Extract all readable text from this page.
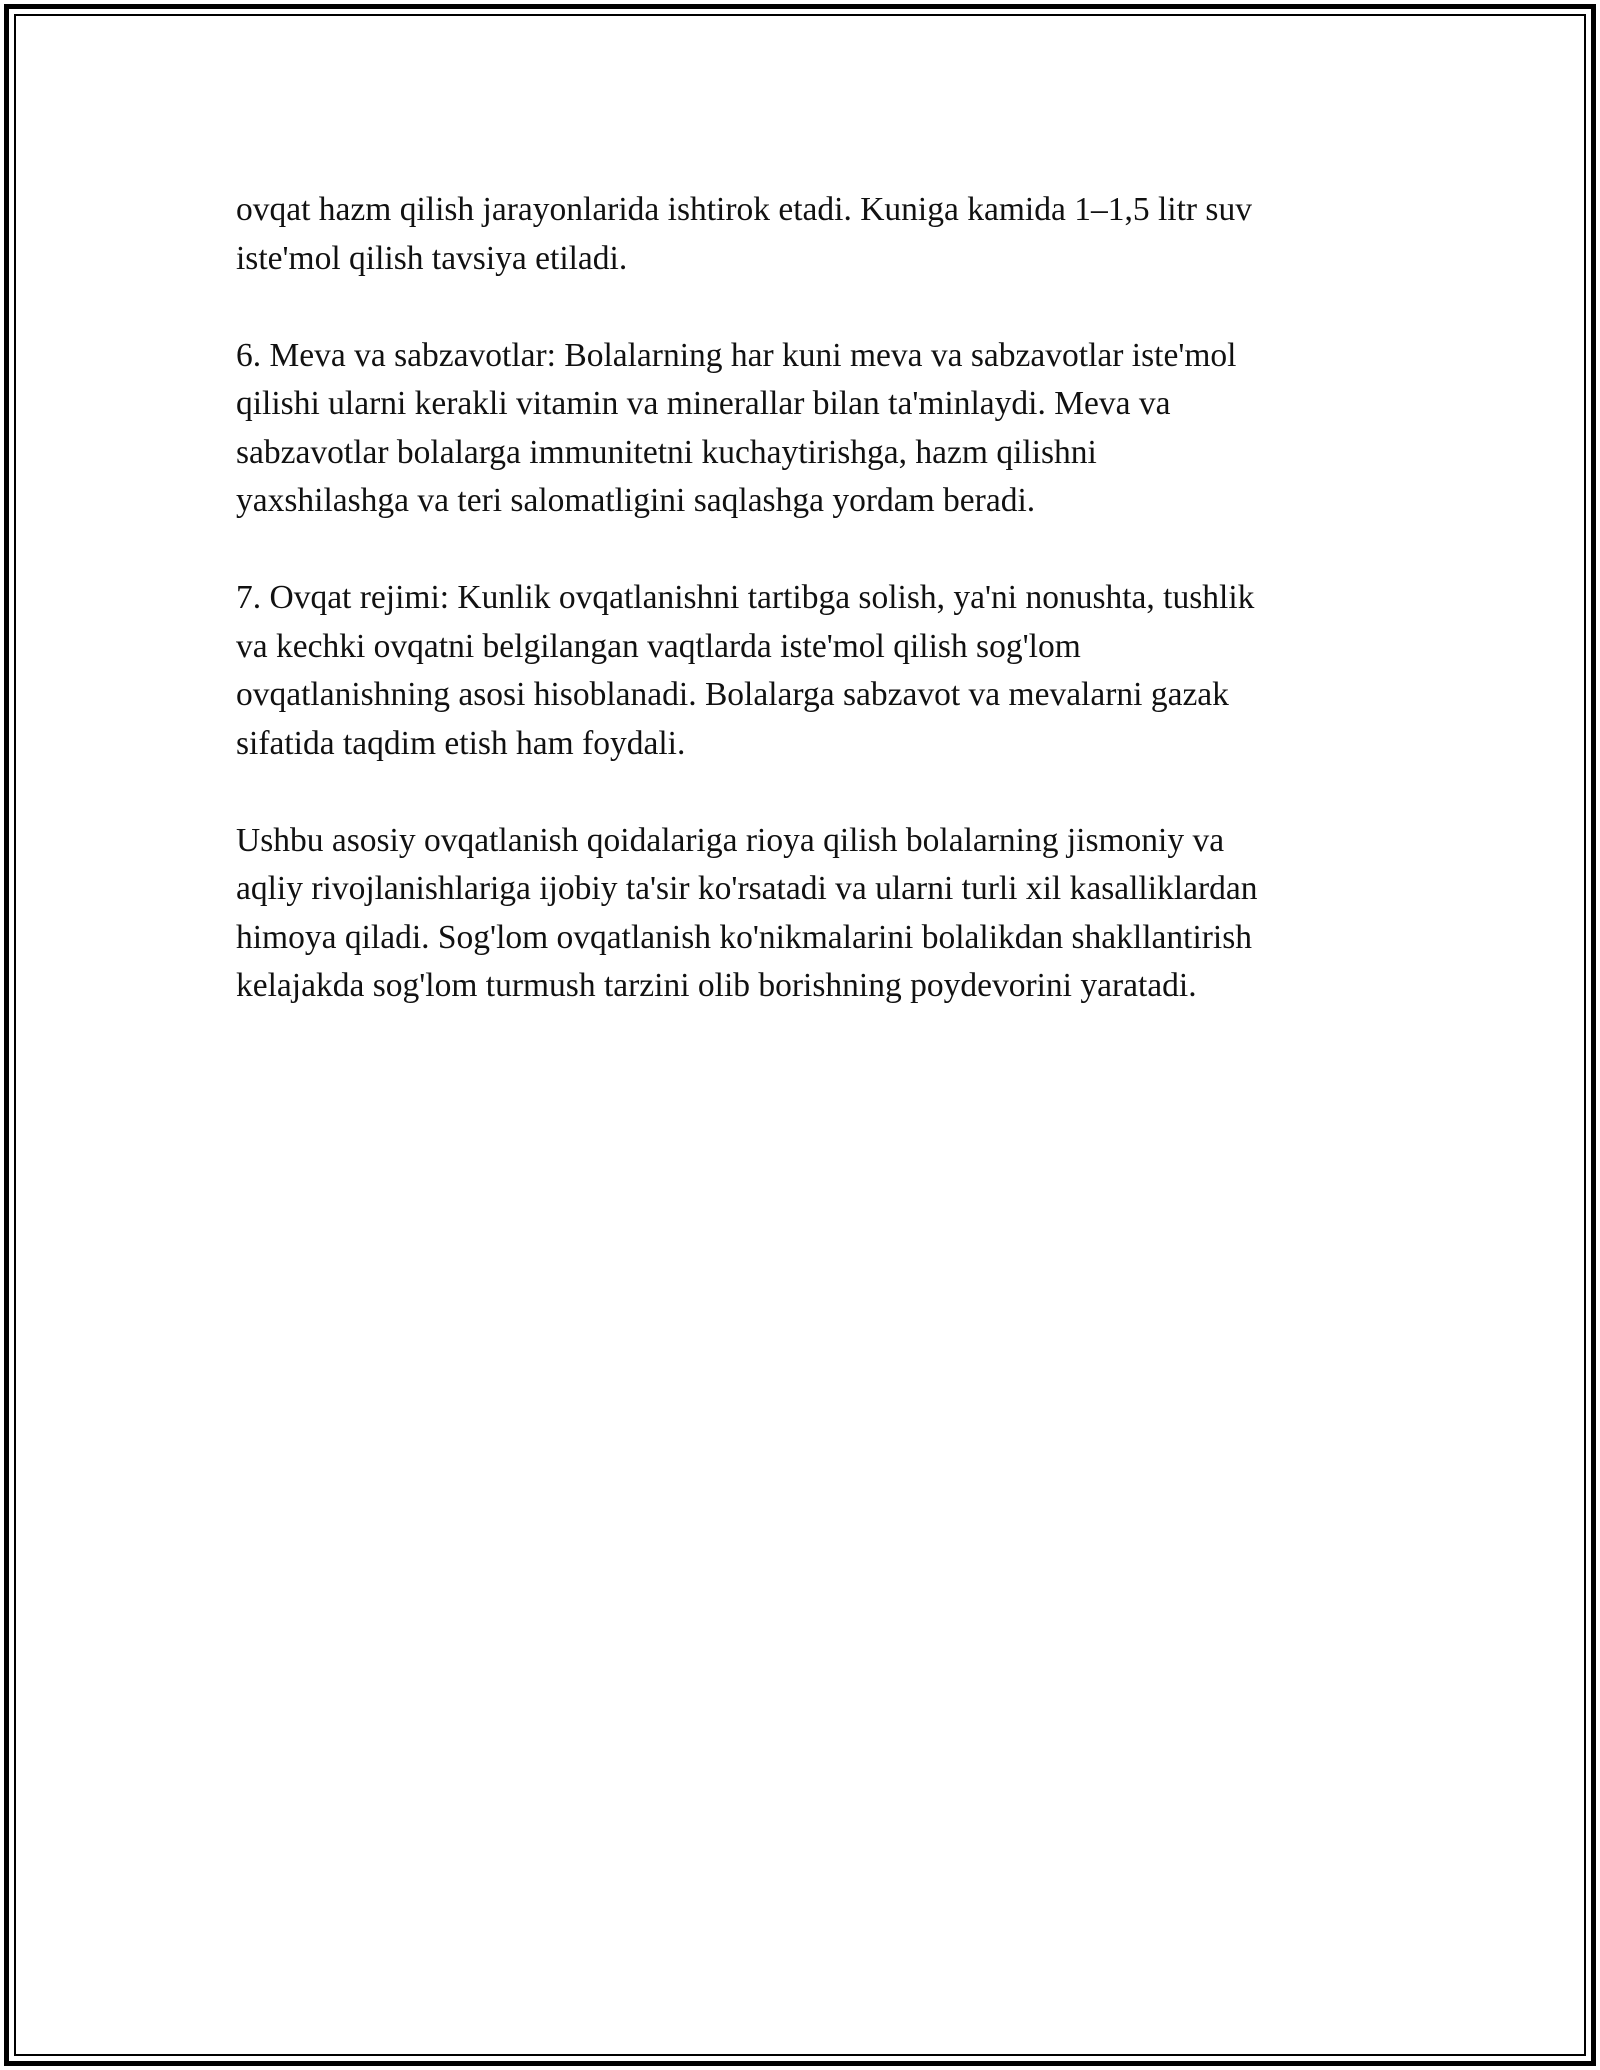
ovqat hazm qilish jarayonlarida ishtirok etadi. Kuniga kamida 1–1,5 litr suv
iste'mol qilish tavsiya etiladi.

6. Meva va sabzavotlar: Bolalarning har kuni meva va sabzavotlar iste'mol
qilishi ularni kerakli vitamin va minerallar bilan ta'minlaydi. Meva va
sabzavotlar bolalarga immunitetni kuchaytirishga, hazm qilishni
yaxshilashga va teri salomatligini saqlashga yordam beradi.

7. Ovqat rejimi: Kunlik ovqatlanishni tartibga solish, ya'ni nonushta, tushlik
va kechki ovqatni belgilangan vaqtlarda iste'mol qilish sog'lom
ovqatlanishning asosi hisoblanadi. Bolalarga sabzavot va mevalarni gazak
sifatida taqdim etish ham foydali.

Ushbu asosiy ovqatlanish qoidalariga rioya qilish bolalarning jismoniy va
aqliy rivojlanishlariga ijobiy ta'sir ko'rsatadi va ularni turli xil kasalliklardan
himoya qiladi. Sog'lom ovqatlanish ko'nikmalarini bolalikdan shakllantirish
kelajakda sog'lom turmush tarzini olib borishning poydevorini yaratadi.
